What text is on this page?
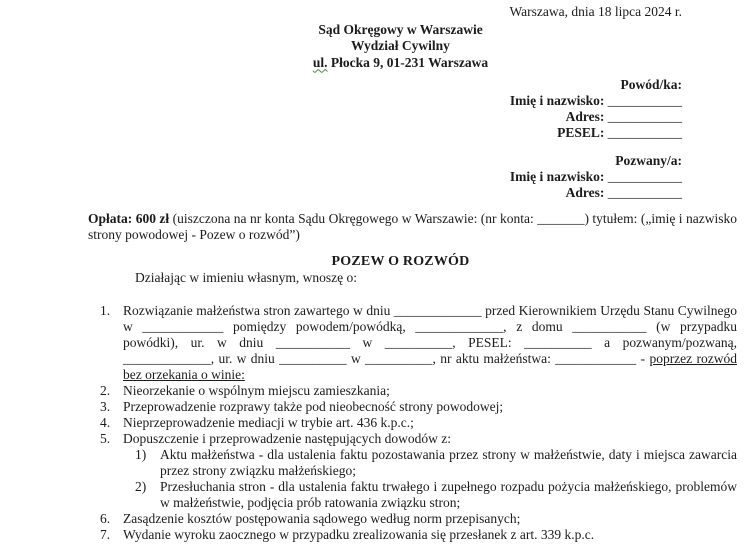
Warszawa, dnia 18 lipca 2024 r.
Sąd Okręgowy w Warszawie
Wydział Cywilny
ul. Płocka 9, 01-231 Warszawa
Powód/ka:
Imię i nazwisko: ___________
Adres: ___________
PESEL: ___________
Pozwany/a:
Imię i nazwisko: ___________
Adres: ___________
Opłata: 600 zł (uiszczona na nr konta Sądu Okręgowego w Warszawie: (nr konta: _______) tytułem: („imię i nazwisko strony powodowej - Pozew o rozwód”)
POZEW O ROZWÓD
Działając w imieniu własnym, wnoszę o:
1. Rozwiązanie małżeństwa stron zawartego w dniu _____________ przed Kierownikiem Urzędu Stanu Cywilnego w ____________ pomiędzy powodem/powódką, _____________, z domu ___________ (w przypadku powódki), ur. w dniu ___________ w __________, PESEL: __________ a pozwanym/pozwaną, _____________, ur. w dniu __________ w __________, nr aktu małżeństwa: ____________ - poprzez rozwód bez orzekania o winie:
2. Nieorzekanie o wspólnym miejscu zamieszkania;
3. Przeprowadzenie rozprawy także pod nieobecność strony powodowej;
4. Nieprzeprowadzenie mediacji w trybie art. 436 k.p.c.;
5. Dopuszczenie i przeprowadzenie następujących dowodów z:
1)	Aktu małżeństwa - dla ustalenia faktu pozostawania przez strony w małżeństwie, daty i miejsca zawarcia przez strony związku małżeńskiego;
2)	Przesłuchania stron - dla ustalenia faktu trwałego i zupełnego rozpadu pożycia małżeńskiego, problemów w małżeństwie, podjęcia prób ratowania związku stron;
6. Zasądzenie kosztów postępowania sądowego według norm przepisanych;
7. Wydanie wyroku zaocznego w przypadku zrealizowania się przesłanek z art. 339 k.p.c.
